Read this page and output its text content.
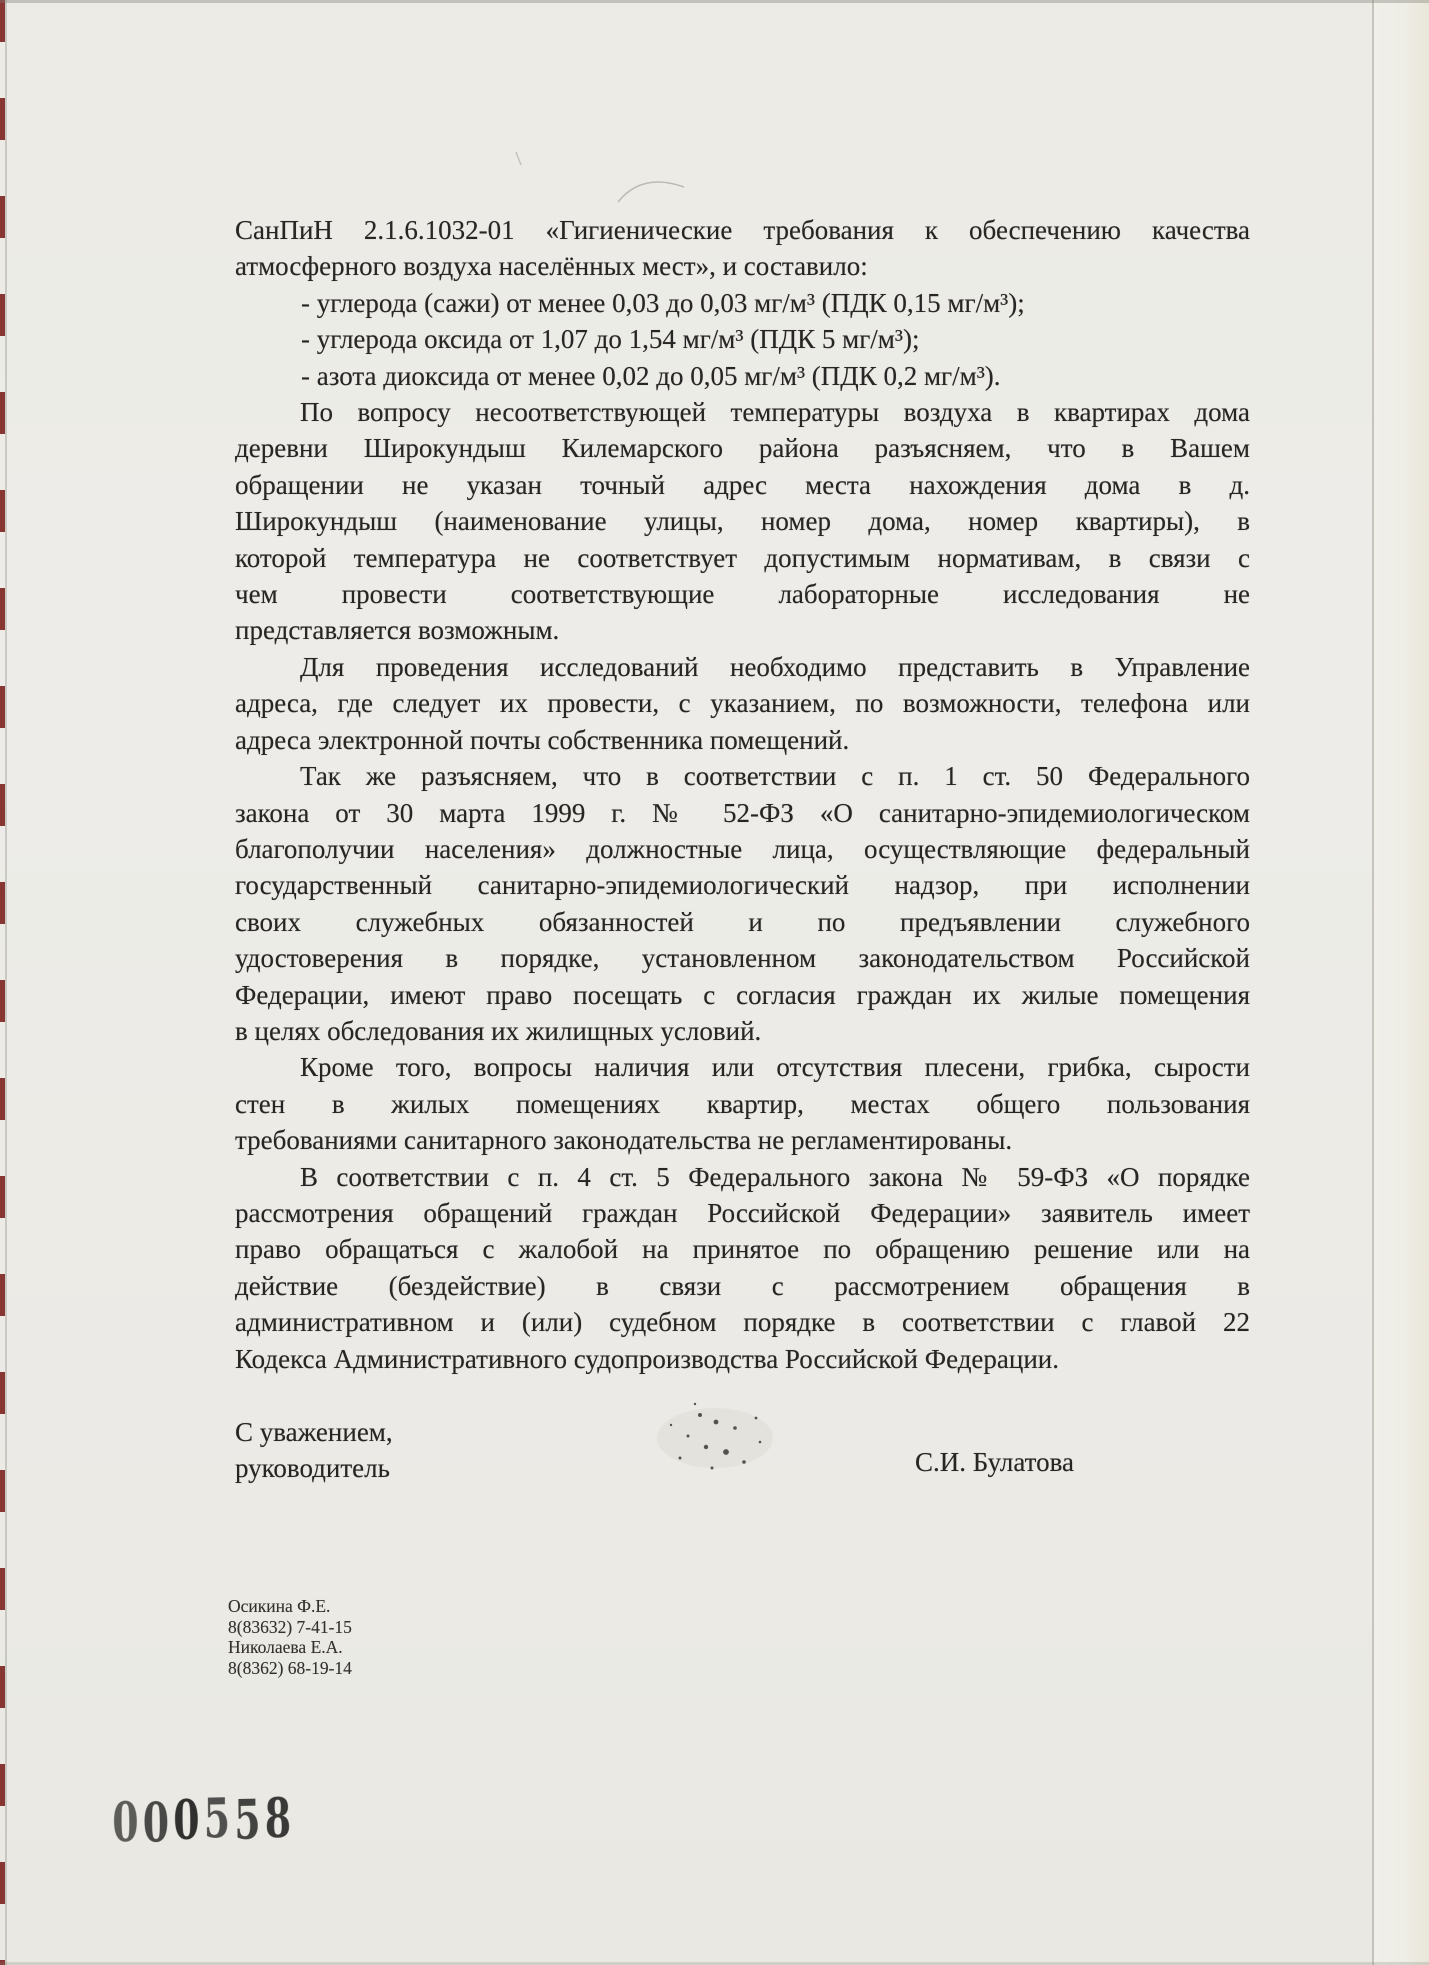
СанПиН 2.1.6.1032-01 «Гигиенические требования к обеспечению качества
атмосферного воздуха населённых мест», и составило:
- углерода (сажи) от менее 0,03 до 0,03 мг/м³ (ПДК 0,15 мг/м³);
- углерода оксида от 1,07 до 1,54 мг/м³ (ПДК 5 мг/м³);
- азота диоксида от менее 0,02 до 0,05 мг/м³ (ПДК 0,2 мг/м³).
По вопросу несоответствующей температуры воздуха в квартирах дома
деревни Широкундыш Килемарского района разъясняем, что в Вашем
обращении не указан точный адрес места нахождения дома в д.
Широкундыш (наименование улицы, номер дома, номер квартиры), в
которой температура не соответствует допустимым нормативам, в связи с
чем провести соответствующие лабораторные исследования не
представляется возможным.
Для проведения исследований необходимо представить в Управление
адреса, где следует их провести, с указанием, по возможности, телефона или
адреса электронной почты собственника помещений.
Так же разъясняем, что в соответствии с п. 1 ст. 50 Федерального
закона от 30 марта 1999 г. № 52-ФЗ «О санитарно-эпидемиологическом
благополучии населения» должностные лица, осуществляющие федеральный
государственный санитарно-эпидемиологический надзор, при исполнении
своих служебных обязанностей и по предъявлении служебного
удостоверения в порядке, установленном законодательством Российской
Федерации, имеют право посещать с согласия граждан их жилые помещения
в целях обследования их жилищных условий.
Кроме того, вопросы наличия или отсутствия плесени, грибка, сырости
стен в жилых помещениях квартир, местах общего пользования
требованиями санитарного законодательства не регламентированы.
В соответствии с п. 4 ст. 5 Федерального закона № 59-ФЗ «О порядке
рассмотрения обращений граждан Российской Федерации» заявитель имеет
право обращаться с жалобой на принятое по обращению решение или на
действие (бездействие) в связи с рассмотрением обращения в
административном и (или) судебном порядке в соответствии с главой 22
Кодекса Административного судопроизводства Российской Федерации.
С уважением,
руководитель	С.И. Булатова
Осикина Ф.Е.
8(83632) 7-41-15
Николаева Е.А.
8(8362) 68-19-14
000558
